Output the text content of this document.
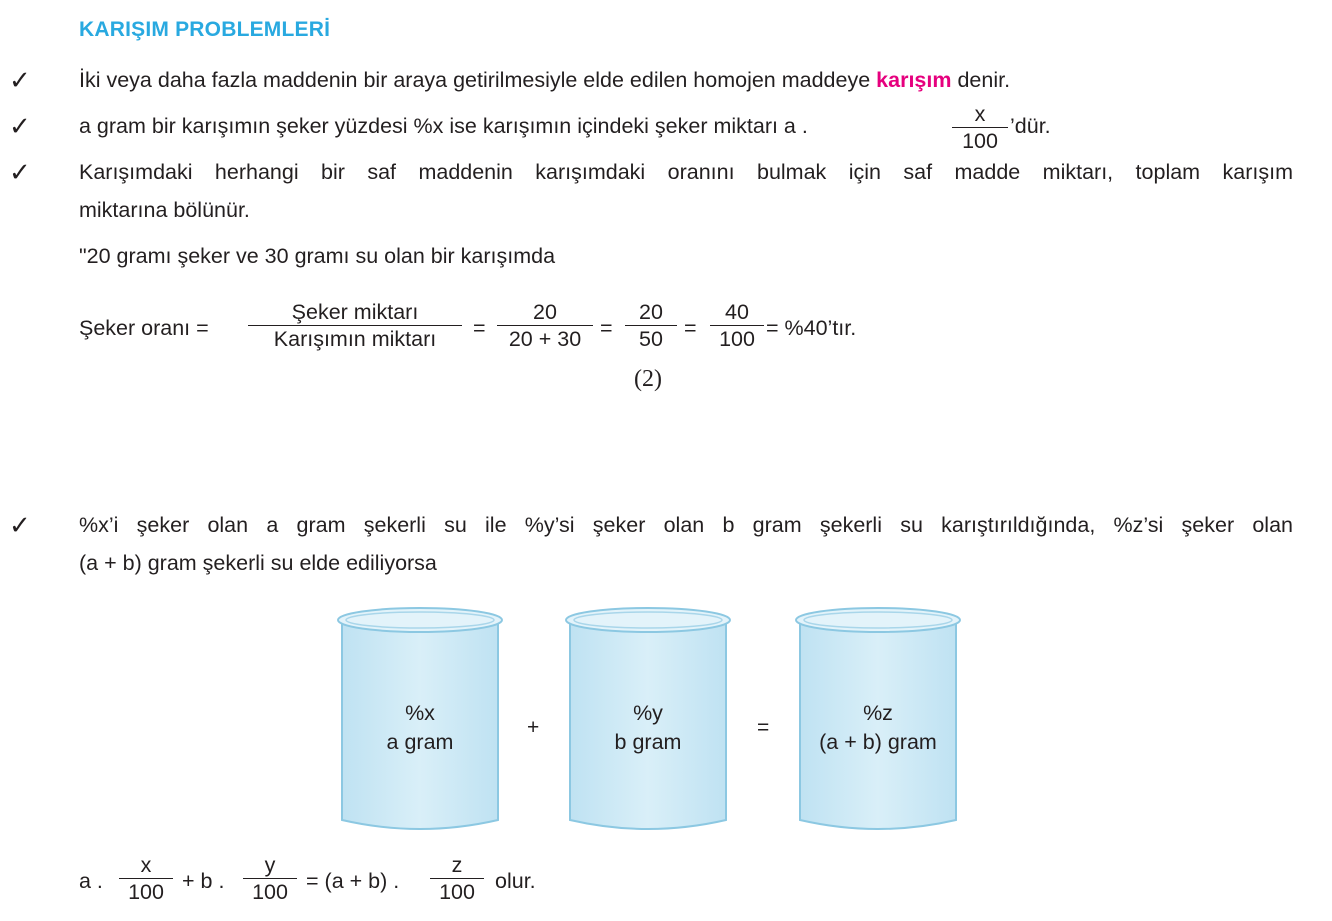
KARIŞIM PROBLEMLERİ
✓ İki veya daha fazla maddenin bir araya getirilmesiyle elde edilen homojen maddeye karışım denir.
✓ a gram bir karışımın şeker yüzdesi %x ise karışımın içindeki şeker miktarı a .	$\frac{x}{100}$ ’dür.
✓ Karışımdaki herhangi bir saf maddenin karışımdaki oranını bulmak için saf madde miktarı, toplam karışım
miktarına bölünür.
"20 gramı şeker ve 30 gramı su olan bir karışımda
Şeker oranı =
Şeker miktarı
Karışımın miktarı	= $\frac{20}{20 + 30} = \frac{20}{50}$
(2)
= $\frac{40}{100}$ = %40’tır.
✓ %x’i şeker olan a gram şekerli su ile %y’si şeker olan b gram şekerli su karıştırıldığında, %z’si şeker olan
(a + b) gram şekerli su elde ediliyorsa
%x
a gram
+
%y
b gram
=
%z
(a + b) gram
a . $\frac{x}{100} + b$ . $\frac{y}{100} = (a + b)$ . $\frac{z}{100}$ olur.
